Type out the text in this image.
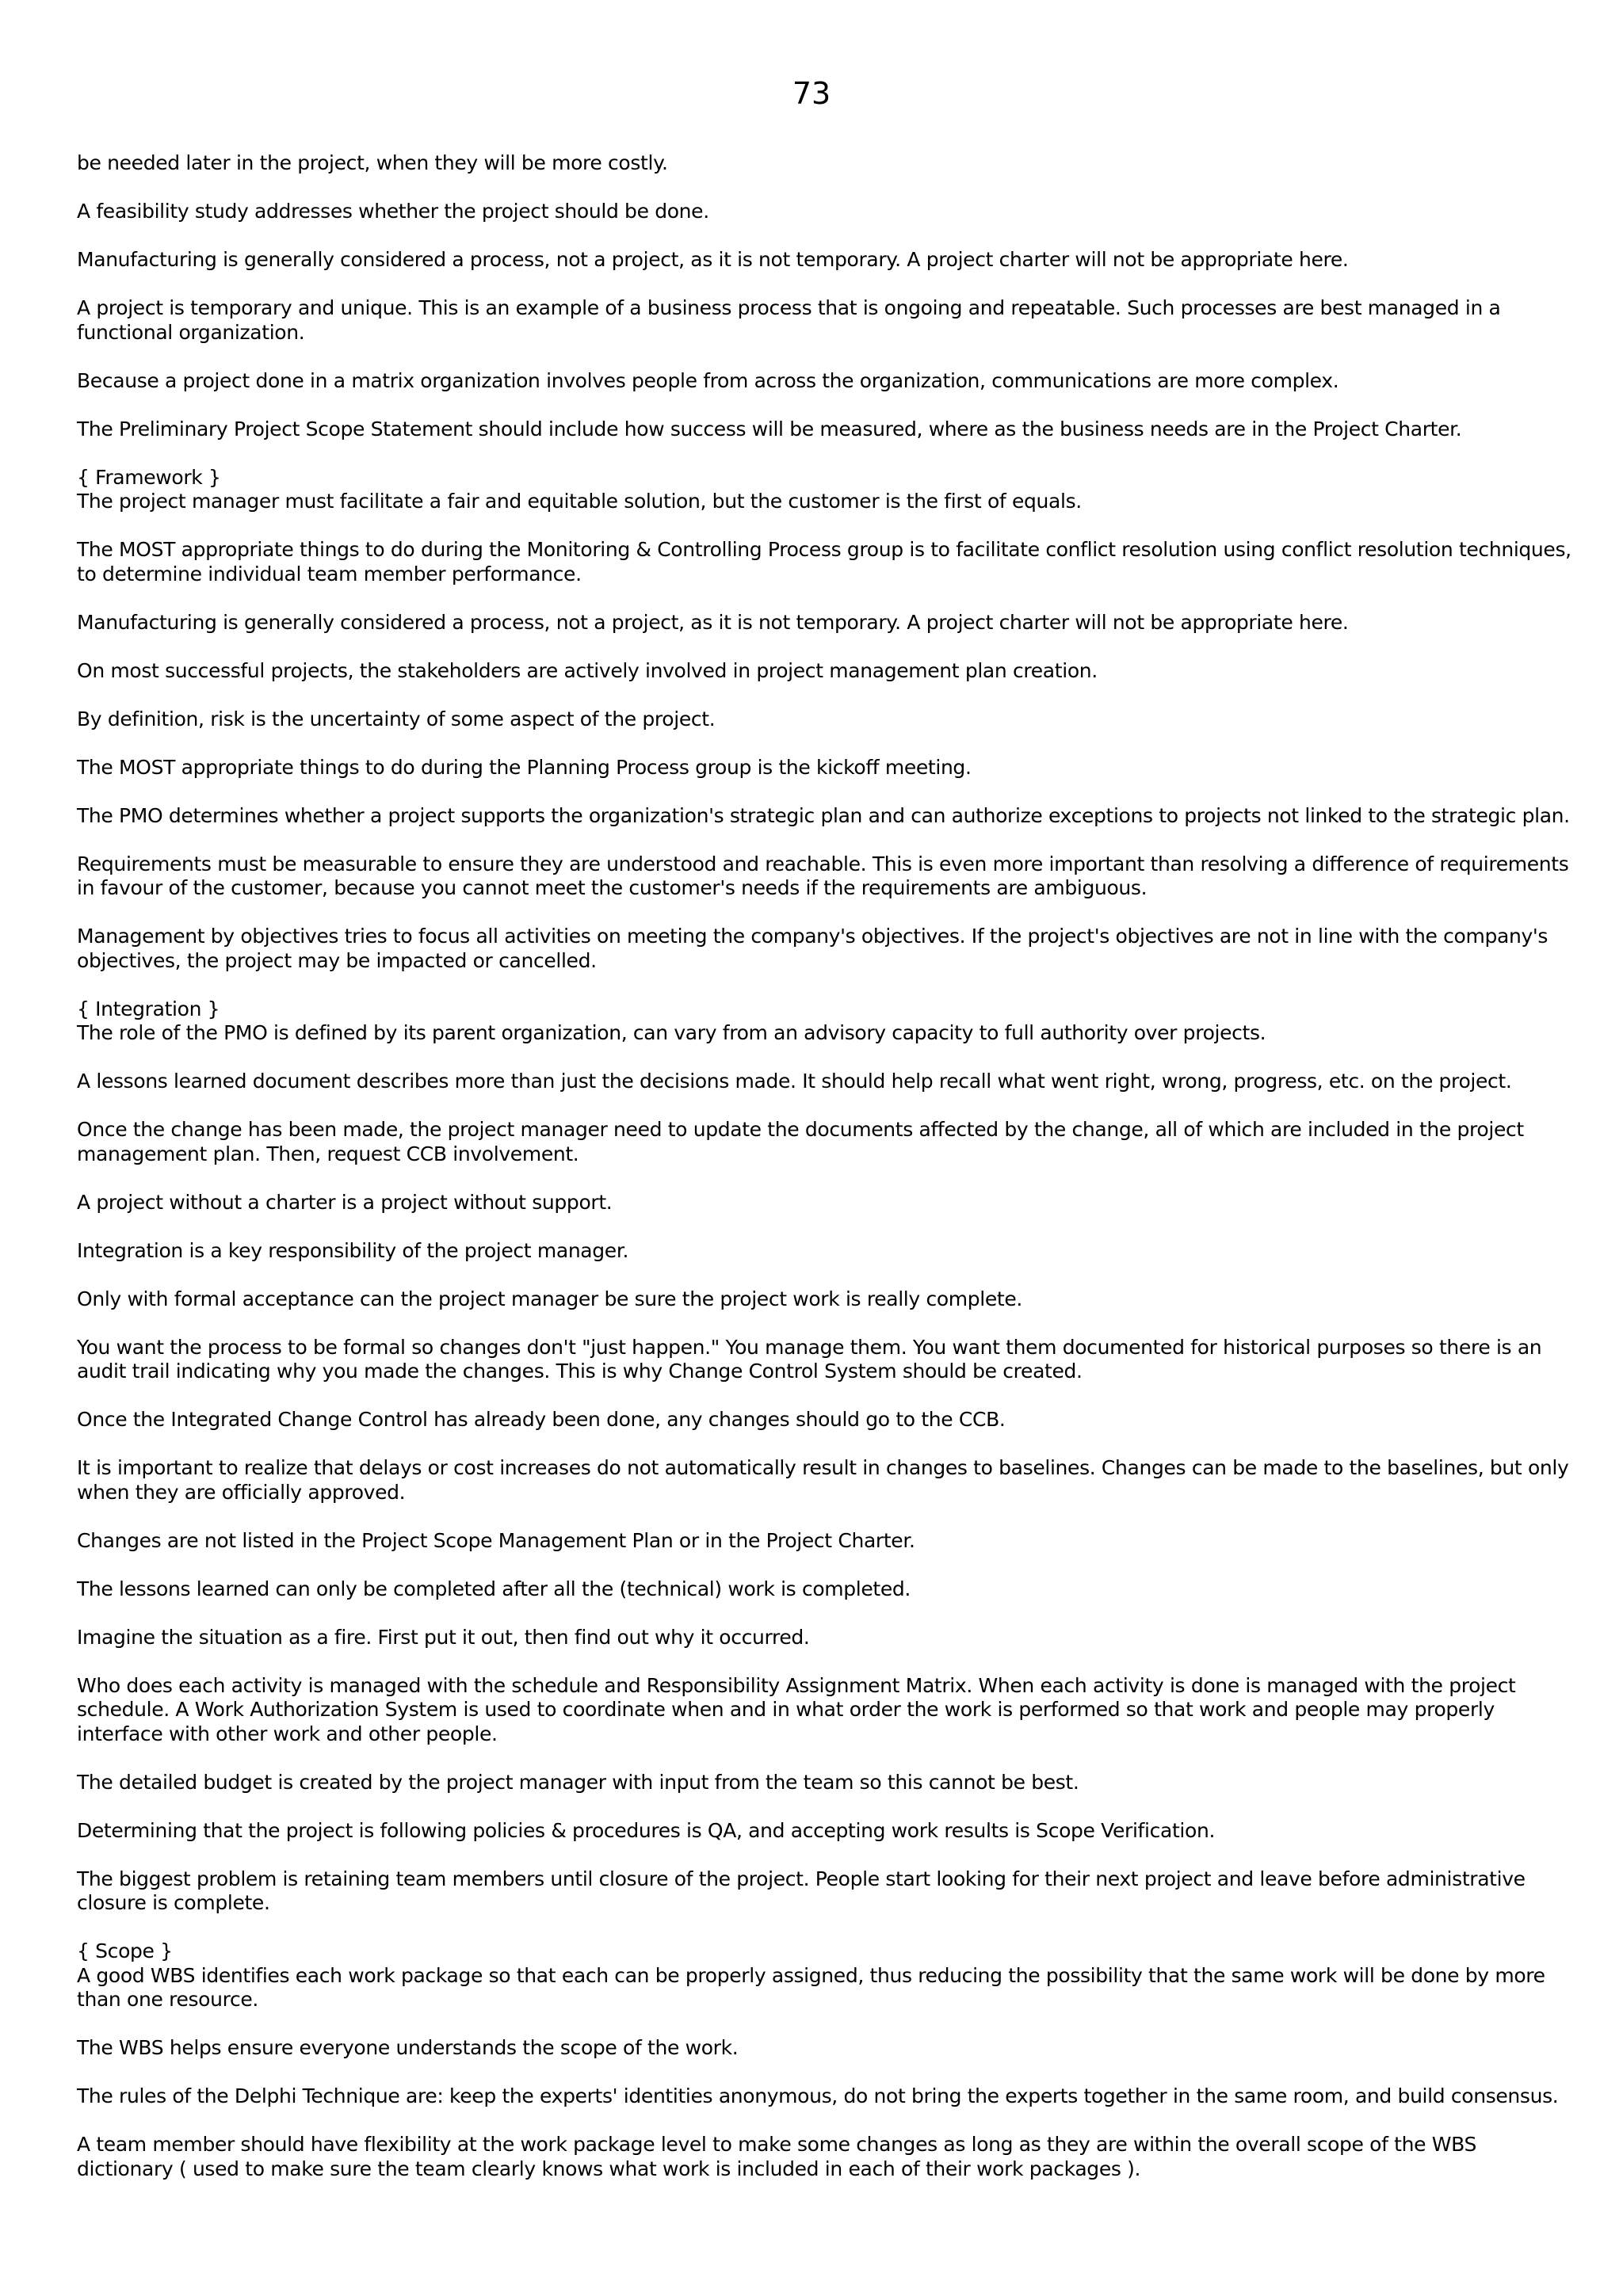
73
be needed later in the project, when they will be more costly.
A feasibility study addresses whether the project should be done.
Manufacturing is generally considered a process, not a project, as it is not temporary. A project charter will not be appropriate here.
A project is temporary and unique. This is an example of a business process that is ongoing and repeatable. Such processes are best managed in a functional organization.
Because a project done in a matrix organization involves people from across the organization, communications are more complex.
The Preliminary Project Scope Statement should include how success will be measured, where as the business needs are in the Project Charter.
{ Framework }
The project manager must facilitate a fair and equitable solution, but the customer is the first of equals.
The MOST appropriate things to do during the Monitoring & Controlling Process group is to facilitate conflict resolution using conflict resolution techniques, to determine individual team member performance.
Manufacturing is generally considered a process, not a project, as it is not temporary. A project charter will not be appropriate here.
On most successful projects, the stakeholders are actively involved in project management plan creation.
By definition, risk is the uncertainty of some aspect of the project.
The MOST appropriate things to do during the Planning Process group is the kickoff meeting.
The PMO determines whether a project supports the organization's strategic plan and can authorize exceptions to projects not linked to the strategic plan.
Requirements must be measurable to ensure they are understood and reachable. This is even more important than resolving a difference of requirements in favour of the customer, because you cannot meet the customer's needs if the requirements are ambiguous.
Management by objectives tries to focus all activities on meeting the company's objectives. If the project's objectives are not in line with the company's objectives, the project may be impacted or cancelled.
{ Integration }
The role of the PMO is defined by its parent organization, can vary from an advisory capacity to full authority over projects.
A lessons learned document describes more than just the decisions made. It should help recall what went right, wrong, progress, etc. on the project.
Once the change has been made, the project manager need to update the documents affected by the change, all of which are included in the project management plan. Then, request CCB involvement.
A project without a charter is a project without support.
Integration is a key responsibility of the project manager.
Only with formal acceptance can the project manager be sure the project work is really complete.
You want the process to be formal so changes don't "just happen." You manage them. You want them documented for historical purposes so there is an audit trail indicating why you made the changes. This is why Change Control System should be created.
Once the Integrated Change Control has already been done, any changes should go to the CCB.
It is important to realize that delays or cost increases do not automatically result in changes to baselines. Changes can be made to the baselines, but only when they are officially approved.
Changes are not listed in the Project Scope Management Plan or in the Project Charter.
The lessons learned can only be completed after all the (technical) work is completed.
Imagine the situation as a fire. First put it out, then find out why it occurred.
Who does each activity is managed with the schedule and Responsibility Assignment Matrix. When each activity is done is managed with the project schedule. A Work Authorization System is used to coordinate when and in what order the work is performed so that work and people may properly interface with other work and other people.
The detailed budget is created by the project manager with input from the team so this cannot be best.
Determining that the project is following policies & procedures is QA, and accepting work results is Scope Verification.
The biggest problem is retaining team members until closure of the project. People start looking for their next project and leave before administrative closure is complete.
{ Scope }
A good WBS identifies each work package so that each can be properly assigned, thus reducing the possibility that the same work will be done by more than one resource.
The WBS helps ensure everyone understands the scope of the work.
The rules of the Delphi Technique are: keep the experts' identities anonymous, do not bring the experts together in the same room, and build consensus.
A team member should have flexibility at the work package level to make some changes as long as they are within the overall scope of the WBS dictionary ( used to make sure the team clearly knows what work is included in each of their work packages ).
